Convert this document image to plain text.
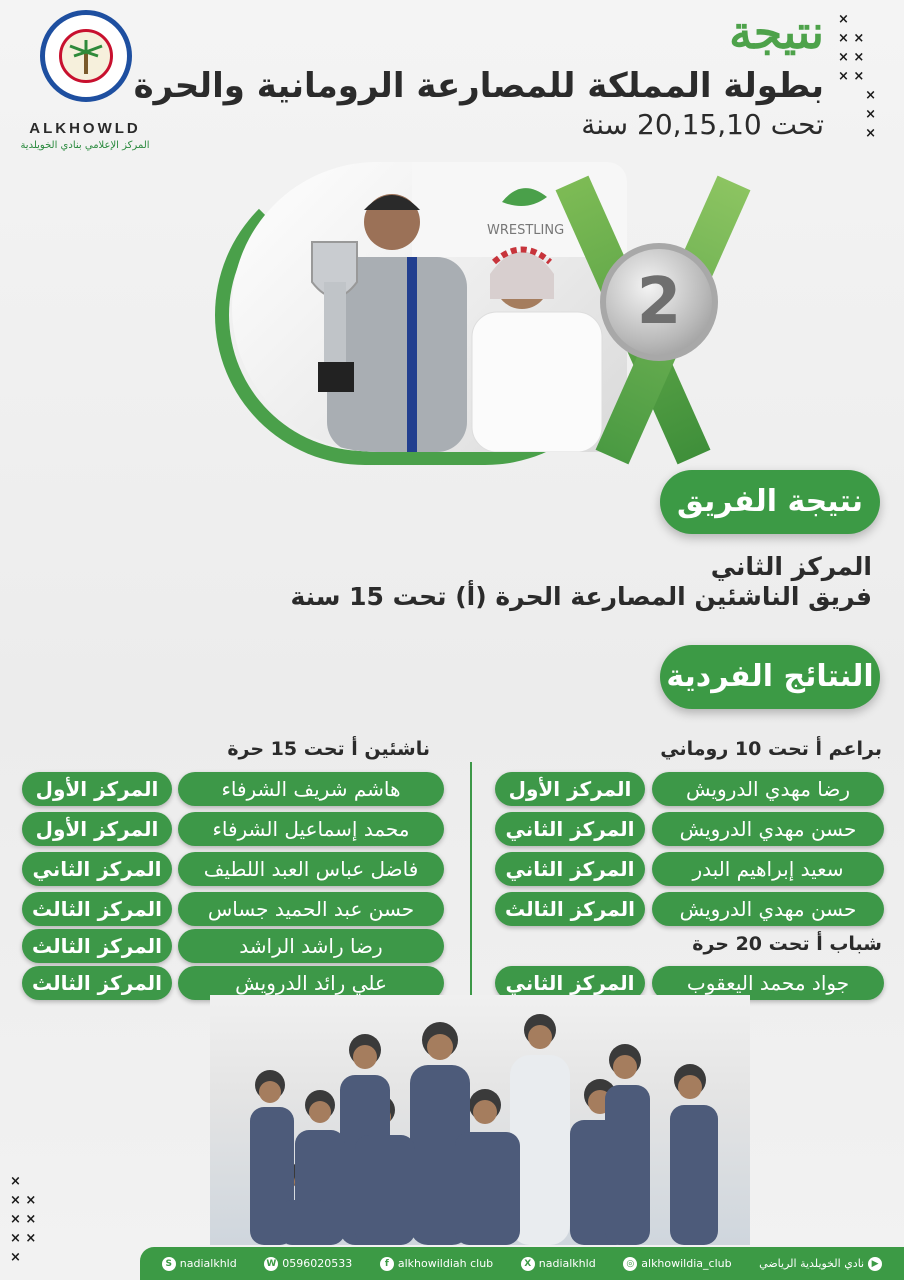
ALKHOWLD
المركز الإعلامي بنادي الخويلدية
نتيجة
بطولة المملكة للمصارعة الرومانية والحرة
تحت 20,15,10 سنة
×
× ×
× ×
× ×
×
×
×
×
× ×
× ×
× ×
×
WRESTLING
2
نتيجة الفريق
المركز الثاني
فريق الناشئين المصارعة الحرة (أ) تحت 15 سنة
النتائج الفردية
براعم أ تحت 10 روماني
رضا مهدي الدرويش
المركز الأول
حسن مهدي الدرويش
المركز الثاني
سعيد إبراهيم البدر
المركز الثاني
حسن مهدي الدرويش
المركز الثالث
شباب أ تحت 20 حرة
جواد محمد اليعقوب
المركز الثاني
ناشئين أ تحت 15 حرة
هاشم شريف الشرفاء
المركز الأول
محمد إسماعيل الشرفاء
المركز الأول
فاضل عباس العبد اللطيف
المركز الثاني
حسن عبد الحميد جساس
المركز الثالث
رضا راشد الراشد
المركز الثالث
علي رائد الدرويش
المركز الثالث
S nadialkhld	W 0596020533	f alkhowildiah club	X nadialkhld	◎ alkhowildia_club	▶
نادي الخويلدية الرياضي
